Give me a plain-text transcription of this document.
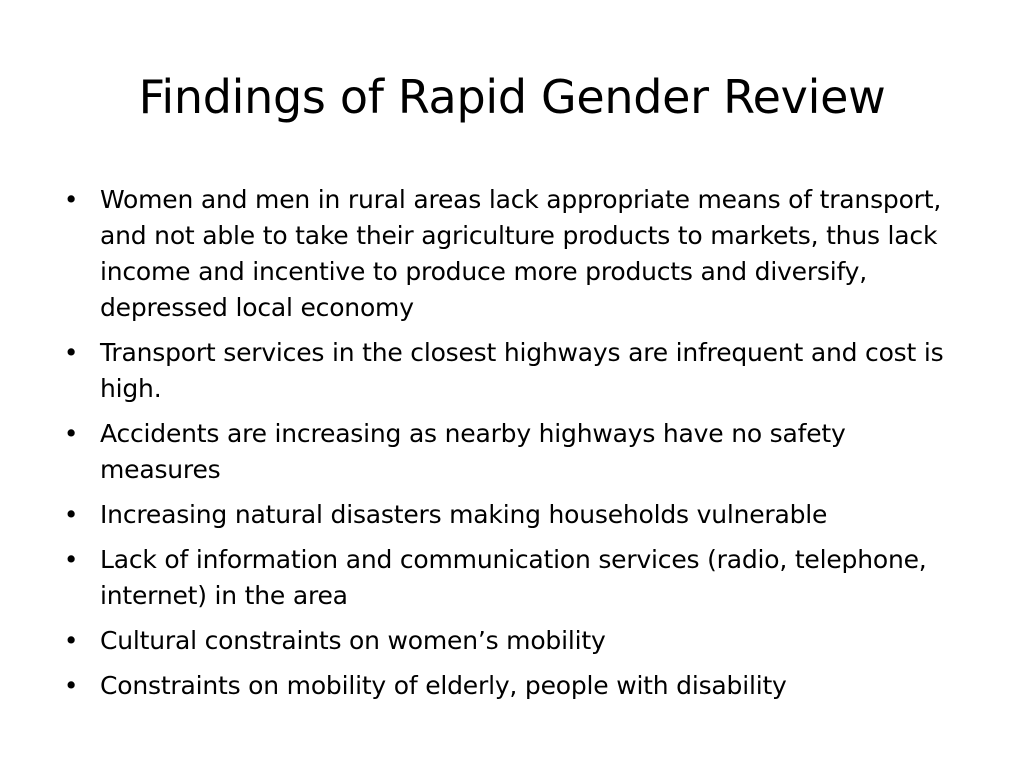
Findings of Rapid Gender Review
• Women and men in rural areas lack appropriate means of transport, and not able to take their agriculture products to markets, thus lack income and incentive to produce more products and diversify, depressed local economy
• Transport services in the closest highways are infrequent and cost is high.
• Accidents are increasing as nearby highways have no safety measures
• Increasing natural disasters making households vulnerable
• Lack of information and communication services (radio, telephone, internet) in the area
• Cultural constraints on women’s mobility
• Constraints on mobility of elderly, people with disability
